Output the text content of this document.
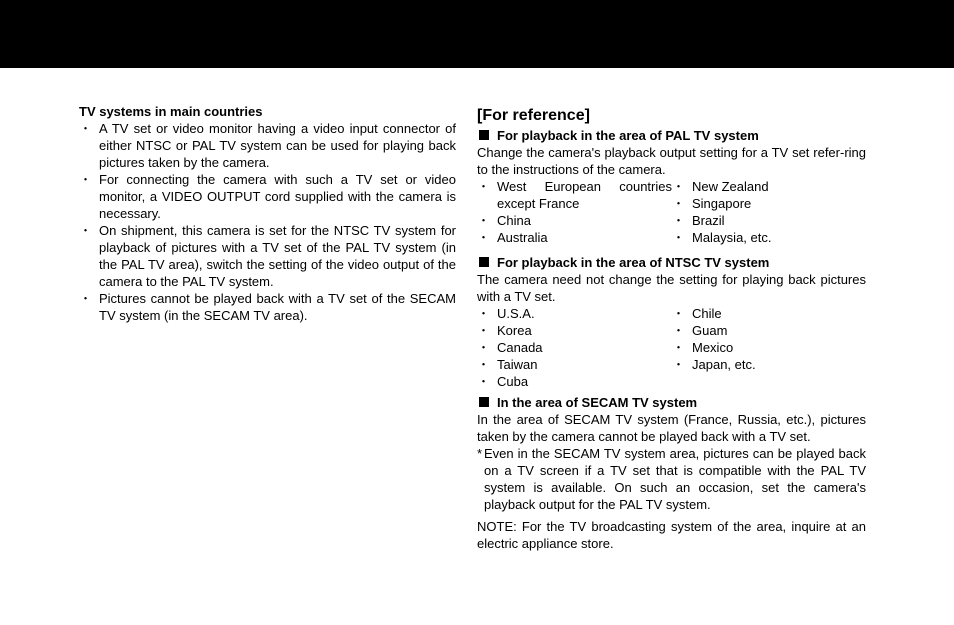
TV systems in main countries
・ A TV set or video monitor having a video input connector of either NTSC or PAL TV system can be used for playing back pictures taken by the camera.
・ For connecting the camera with such a TV set or video monitor, a VIDEO OUTPUT cord supplied with the camera is necessary.
・ On shipment, this camera is set for the NTSC TV system for playback of pictures with a TV set of the PAL TV system (in the PAL TV area), switch the setting of the video output of the camera to the PAL TV system.
・ Pictures cannot be played back with a TV set of the SECAM TV system (in the SECAM TV area).
[For reference]
For playback in the area of PAL TV system
Change the camera's playback output setting for a TV set refer-ring to the instructions of the camera.
・ West European countries except France
・ China
・ Australia
・ New Zealand
・ Singapore
・ Brazil
・ Malaysia, etc.
For playback in the area of NTSC TV system
The camera need not change the setting for playing back pictures with a TV set.
・ U.S.A.
・ Korea
・ Canada
・ Taiwan
・ Cuba
・ Chile
・ Guam
・ Mexico
・ Japan, etc.
In the area of SECAM TV system
In the area of SECAM TV system (France, Russia, etc.), pictures taken by the camera cannot be played back with a TV set.
* Even in the SECAM TV system area, pictures can be played back on a TV screen if a TV set that is compatible with the PAL TV system is available. On such an occasion, set the camera's playback output for the PAL TV system.
NOTE: For the TV broadcasting system of the area, inquire at an electric appliance store.
